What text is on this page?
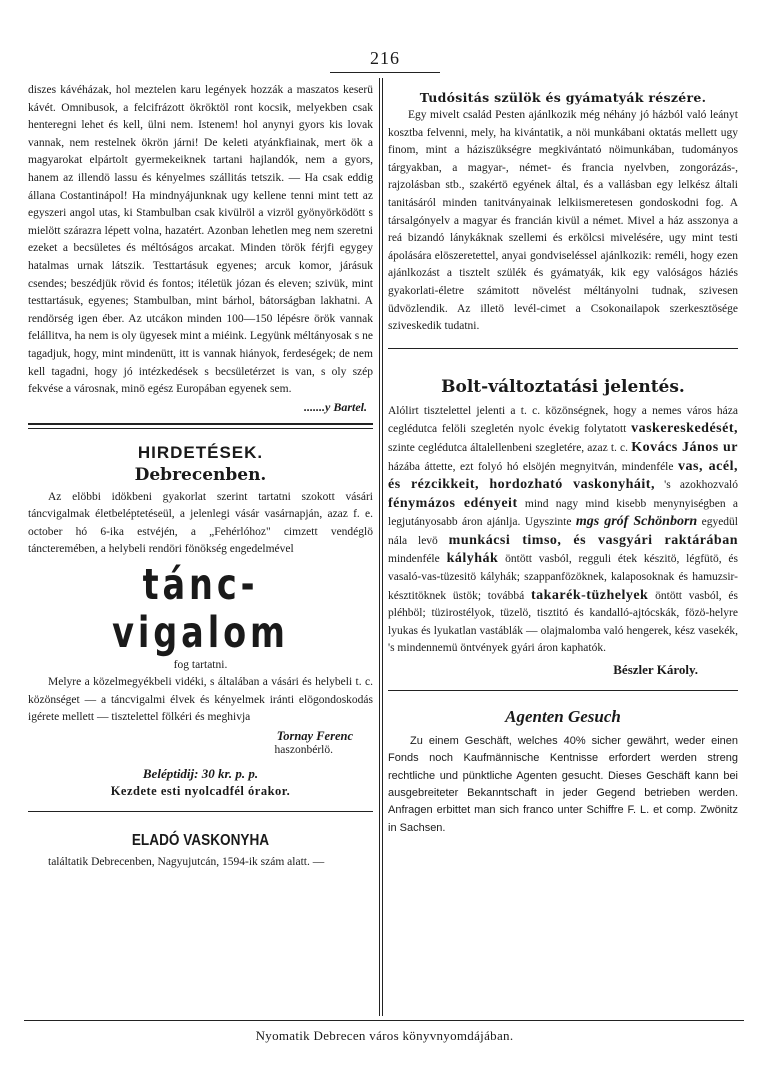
216

diszes kávéházak, hol meztelen karu legények hozzák a maszatos keserü kávét. Omnibusok, a felcifrázott ökröktöl ront kocsik, melyekben csak henteregni lehet és kell, ülni nem. Istenem! hol anynyi gyors kis lovak vannak, nem restelnek ökrön járni! De keleti atyánkfiainak, mert ök a magyarokat elpártolt gyermekeiknek tartani hajlandók, nem a gyors, hanem az illendö lassu és kényelmes szállitás tetszik. — Ha csak eddig állana Costantinápol! Ha mindnyájunknak ugy kellene tenni mint tett az egyszeri angol utas, ki Stambulban csak kivülröl a vizröl gyönyörködött s mielött szárazra lépett volna, hazatért. Azonban lehetlen meg nem szeretni ezeket a becsületes és méltóságos arcakat. Minden török férjfi egygey hatalmas urnak látszik. Testtartásuk egyenes; arcuk komor, járásuk csendes; beszédjük rövid és fontos; itéletük józan és eleven; szivük, mint testtartásuk, egyenes; Stambulban, mint bárhol, bátorságban lakhatni. A rendörség igen éber. Az utcákon minden 100—150 lépésre örök vannak felállitva, ha nem is oly ügyesek mint a miéink. Legyünk méltányosak s ne tagadjuk, hogy, mint mindenütt, itt is vannak hiányok, ferdeségek; de nem kell tagadni, hogy jó intézkedések s becsületérzet is van, s oly szép fekvése a városnak, minö egész Europában egyenek sem.

.......y Bartel.
HIRDETÉSEK.
Debrecenben.

Az elöbbi idökbeni gyakorlat szerint tartatni szokott vásári táncvigalmak életbeléptetéseül, a jelenlegi vásár vasárnapján, azaz f. e. october hó 6-ika estvéjén, a „Fehérlóhoz" cimzett vendéglö táncteremében, a helybeli rendöri fönökség engedelmével

tánc-vigalom

fog tartatni.

Melyre a közelmegyékbeli vidéki, s általában a vásári és helybeli t. c. közönséget — a táncvigalmi élvek és kényelmek iránti elögondoskodás igérete mellett — tisztelettel fölkéri és meghivja

Tornay Ferenc

haszonbérlö.

Beléptidij: 30 kr. p. p.

Kezdete esti nyolcadfél órakor.

ELADÓ VASKONYHA

találtatik Debrecenben, Nagyujutcán, 1594-ik szám alatt. —

Tudósitás szülök és gyámatyák részére.

Egy mivelt család Pesten ajánlkozik még néhány jó házból való leányt kosztba felvenni, mely, ha kivántatik, a nöi munkábani oktatás mellett ugy finom, mint a háziszükségre megkivántató nöimunkában, tudományos tárgyakban, a magyar-, német- és francia nyelvben, zongorázás-, rajzolásban stb., szakértö egyének által, és a vallásban egy lelkész általi tanitásáról minden tanitványainak lelkiismeretesen gondoskodni fog. A társalgónyelv a magyar és francián kivül a német. Mivel a ház asszonya a reá bizandó lánykáknak szellemi és erkölcsi mivelésére, ugy mint testi ápolására elöszeretettel, anyai gondviseléssel ajánlkozik: reméli, hogy ezen ajánlkozást a tisztelt szülék és gyámatyák, kik egy valóságos háziés gyakorlati-életre számitott növelést méltányolni tudnak, szivesen üdvözlendik. Az illetö levél-cimet a Csokonailapok szerkesztösége sziveskedik tudatni.

Bolt-változtatási jelentés.

Alólirt tisztelettel jelenti a t. c. közönségnek, hogy a nemes város háza ceglédutca felöli szegletén nyolc évekig folytatott vaskereskedését, szinte ceglédutca általellenbeni szegletére, azaz t. c. Kovács János ur házába áttette, ezt folyó hó elsöjén megnyitván, mindenféle vas, acél, és rézcikkeit, hordozható vaskonyháit, 's azokhozvaló fénymázos edényeit mind nagy mind kisebb menynyiségben a legjutányosabb áron ajánlja. Ugyszinte mgs gróf Schönborn egyedül nála levö munkácsi timso, és vasgyári raktárában mindenféle kályhák öntött vasból, regguli étek készitö, légfütö, és vasaló-vas-tüzesitö kályhák; szappanfözöknek, kalaposoknak és hamuzsir-késztitöknek üstök; továbbá takarék-tüzhelyek öntött vasból, és pléhböl; tüzirostélyok, tüzelö, tisztitó és kandalló-ajtócskák, fözö-helyre lyukas és lyukatlan vastáblák — olajmalomba való hengerek, kész vasekék, 's mindennemü öntvények gyári áron kaphatók.

Bészler Károly.

Agenten Gesuch

Zu einem Geschäft, welches 40% sicher gewährt, weder einen Fonds noch Kaufmännische Kentnisse erfordert werden streng rechtliche und pünktliche Agenten gesucht. Dieses Geschäft kann bei ausgebreiteter Bekanntschaft in jeder Gegend betrieben werden. Anfragen erbittet man sich franco unter Schiffre F. L. et comp. Zwönitz in Sachsen.

Nyomatik Debrecen város könyvnyomdájában.
